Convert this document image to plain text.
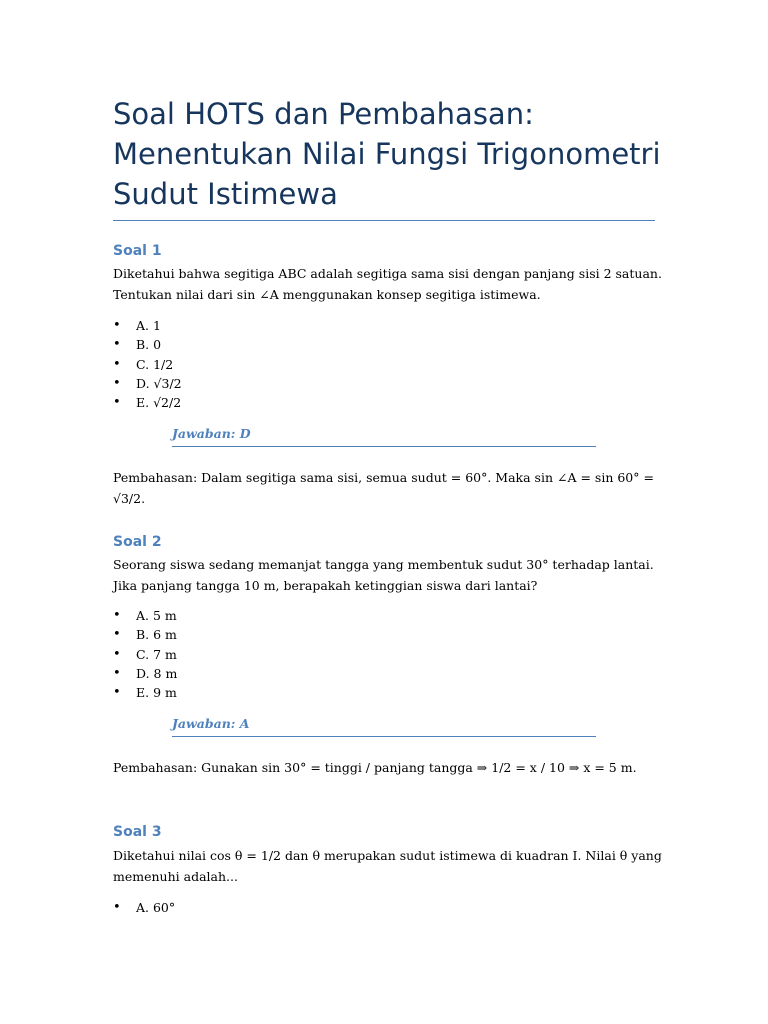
Soal HOTS dan Pembahasan: Menentukan Nilai Fungsi Trigonometri Sudut Istimewa
Soal 1

Diketahui bahwa segitiga ABC adalah segitiga sama sisi dengan panjang sisi 2 satuan. Tentukan nilai dari sin ∠A menggunakan konsep segitiga istimewa.

• A. 1
• B. 0
• C. 1/2
• D. √3/2
• E. √2/2
Jawaban: D

Pembahasan: Dalam segitiga sama sisi, semua sudut = 60°. Maka sin ∠A = sin 60° = √3/2.

Soal 2

Seorang siswa sedang memanjat tangga yang membentuk sudut 30° terhadap lantai. Jika panjang tangga 10 m, berapakah ketinggian siswa dari lantai?

• A. 5 m
• B. 6 m
• C. 7 m
• D. 8 m
• E. 9 m
Jawaban: A

Pembahasan: Gunakan sin 30° = tinggi / panjang tangga ⇒ 1/2 = x / 10 ⇒ x = 5 m.

Soal 3

Diketahui nilai cos θ = 1/2 dan θ merupakan sudut istimewa di kuadran I. Nilai θ yang memenuhi adalah...

• A. 60°
